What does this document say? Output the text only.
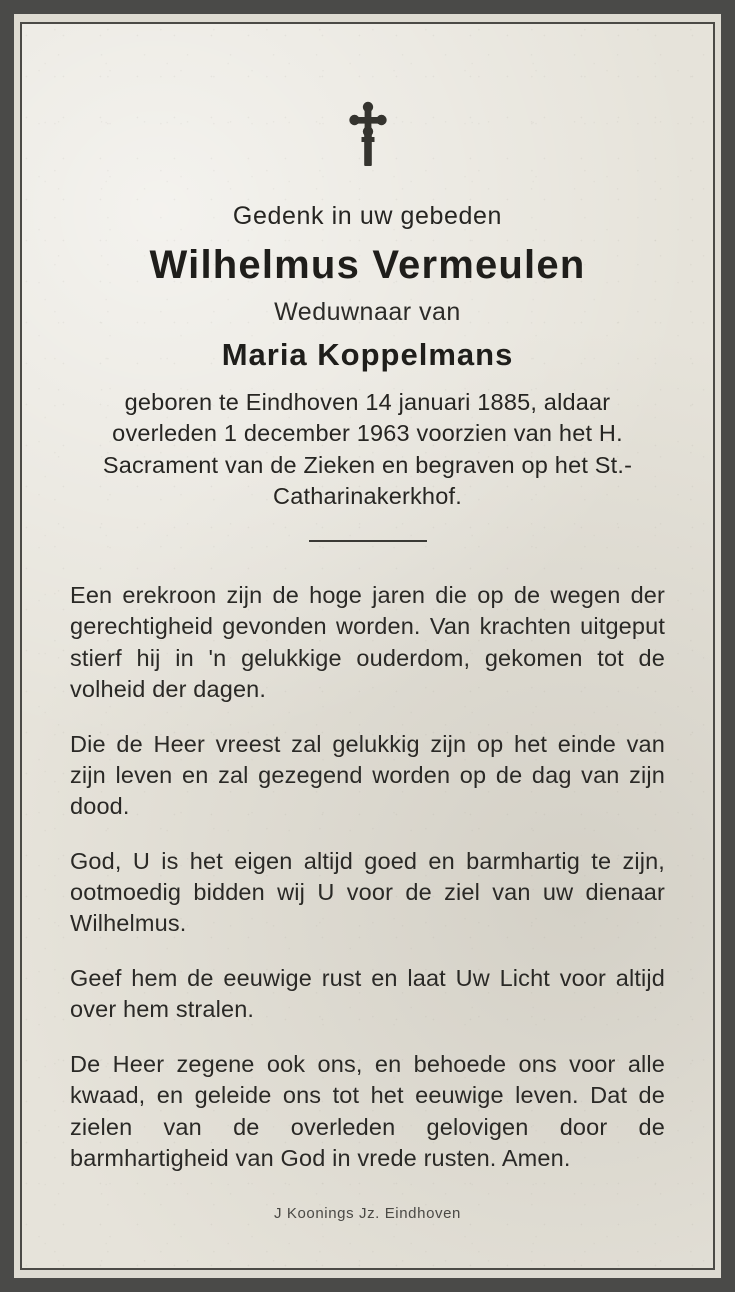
Gedenk in uw gebeden
Wilhelmus Vermeulen
Weduwnaar van
Maria Koppelmans
geboren te Eindhoven 14 januari 1885, aldaar overleden 1 december 1963 voorzien van het H. Sacrament van de Zieken en begraven op het St.-Catharinakerkhof.

Een erekroon zijn de hoge jaren die op de wegen der gerechtigheid gevonden worden. Van krachten uitgeput stierf hij in 'n gelukkige ouderdom, gekomen tot de volheid der dagen.

Die de Heer vreest zal gelukkig zijn op het einde van zijn leven en zal gezegend worden op de dag van zijn dood.

God, U is het eigen altijd goed en barmhartig te zijn, ootmoedig bidden wij U voor de ziel van uw dienaar Wilhelmus.

Geef hem de eeuwige rust en laat Uw Licht voor altijd over hem stralen.

De Heer zegene ook ons, en behoede ons voor alle kwaad, en geleide ons tot het eeuwige leven. Dat de zielen van de overleden gelovigen door de barmhartigheid van God in vrede rusten. Amen.

J Koonings Jz. Eindhoven
